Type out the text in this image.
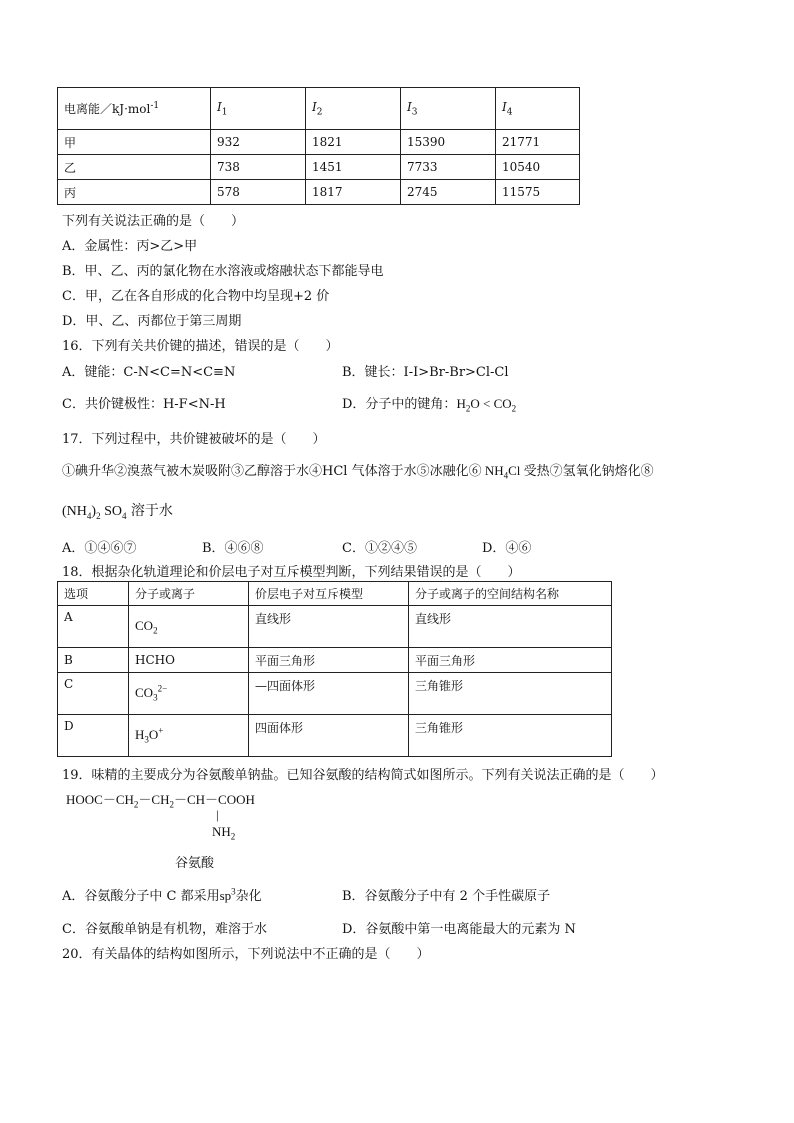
电离能／kJ·mol$^{-1}$	$I_1$	$I_2$	$I_3$	$I_4$
甲	932	1821	15390	21771
乙	738	1451	7733	10540
丙	578	1817	2745	11575
下列有关说法正确的是（　　）
A．金属性：丙>乙>甲
B．甲、乙、丙的氯化物在水溶液或熔融状态下都能导电
C．甲，乙在各自形成的化合物中均呈现+2 价
D．甲、乙、丙都位于第三周期
16．下列有关共价键的描述，错误的是（　　）
A．键能：C-N<C=N<C≡N	B．键长：I-I>Br-Br>Cl-Cl
C．共价键极性：H-F<N-H	D．分子中的键角：$H_2O < CO_2$
17．下列过程中，共价键被破坏的是（　　）
①碘升华②溴蒸气被木炭吸附③乙醇溶于水④HCl 气体溶于水⑤冰融化⑥ $NH_4Cl$ 受热⑦氢氧化钠熔化⑧
$(NH_4)_2$ $SO_4$ 溶于水
A．①④⑥⑦	B．④⑥⑧	C．①②④⑤	D．④⑥
18．根据杂化轨道理论和价层电子对互斥模型判断，下列结果错误的是（　　）
选项	分子或离子	价层电子对互斥模型	分子或离子的空间结构名称
A	$CO_2$	直线形	直线形
B	HCHO	平面三角形	平面三角形
C	$CO_3^{2-}$	—四面体形	三角锥形
D	$H_3O^+$	四面体形	三角锥形
19．味精的主要成分为谷氨酸单钠盐。已知谷氨酸的结构简式如图所示。下列有关说法正确的是（　　）
$HOOC-CH_2-CH_2-CH-COOH$
|
$NH_2$
谷氨酸
A．谷氨酸分子中 C 都采用$sp^3$杂化	B．谷氨酸分子中有 2 个手性碳原子
C．谷氨酸单钠是有机物，难溶于水	D．谷氨酸中第一电离能最大的元素为 N
20．有关晶体的结构如图所示，下列说法中不正确的是（　　）
